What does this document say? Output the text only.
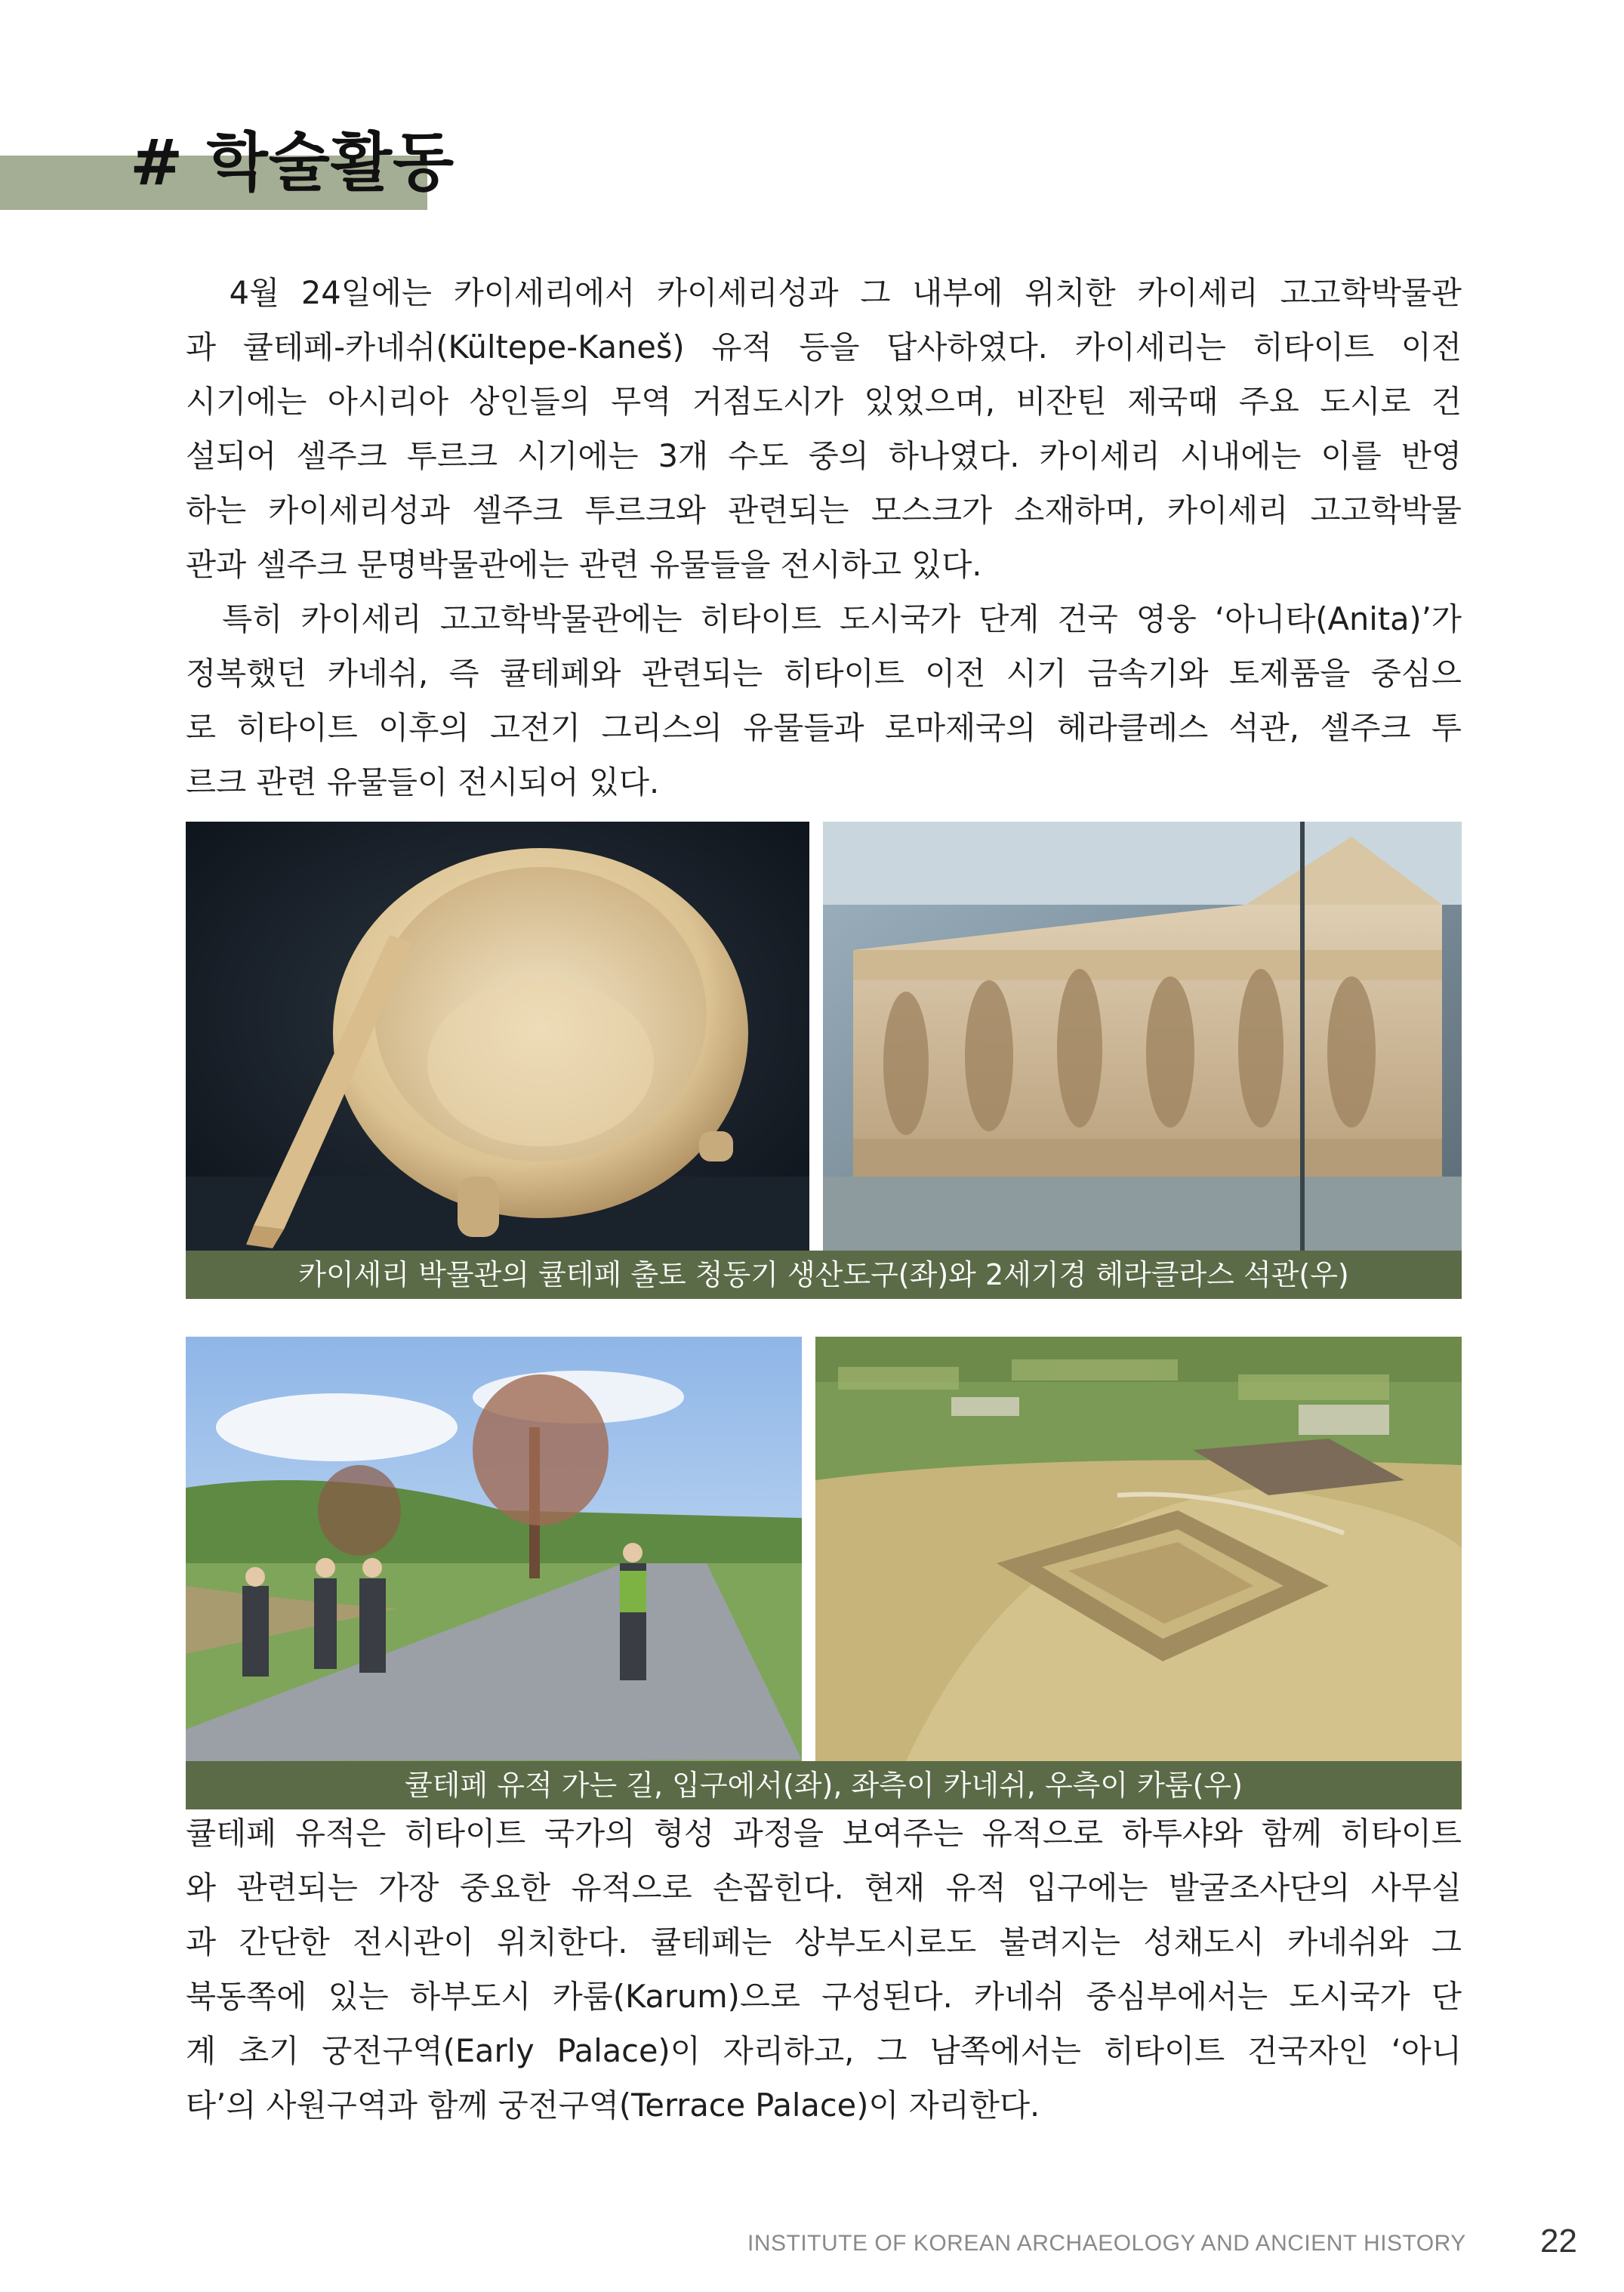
# 학술활동
4월 24일에는 카이세리에서 카이세리성과 그 내부에 위치한 카이세리 고고학박물관
과 큘테페-카네쉬(Kültepe-Kaneš) 유적 등을 답사하였다. 카이세리는 히타이트 이전
시기에는 아시리아 상인들의 무역 거점도시가 있었으며, 비잔틴 제국때 주요 도시로 건
설되어 셀주크 투르크 시기에는 3개 수도 중의 하나였다. 카이세리 시내에는 이를 반영
하는 카이세리성과 셀주크 투르크와 관련되는 모스크가 소재하며, 카이세리 고고학박물
관과 셀주크 문명박물관에는 관련 유물들을 전시하고 있다.
특히 카이세리 고고학박물관에는 히타이트 도시국가 단계 건국 영웅 ‘아니타(Anita)’가
정복했던 카네쉬, 즉 큘테페와 관련되는 히타이트 이전 시기 금속기와 토제품을 중심으
로 히타이트 이후의 고전기 그리스의 유물들과 로마제국의 헤라클레스 석관, 셀주크 투
르크 관련 유물들이 전시되어 있다.
카이세리 박물관의 큘테페 출토 청동기 생산도구(좌)와 2세기경 헤라클라스 석관(우)
큘테페 유적 가는 길, 입구에서(좌), 좌측이 카네쉬, 우측이 카룸(우)
큘테페 유적은 히타이트 국가의 형성 과정을 보여주는 유적으로 하투샤와 함께 히타이트
와 관련되는 가장 중요한 유적으로 손꼽힌다. 현재 유적 입구에는 발굴조사단의 사무실
과 간단한 전시관이 위치한다. 큘테페는 상부도시로도 불려지는 성채도시 카네쉬와 그
북동쪽에 있는 하부도시 카룸(Karum)으로 구성된다. 카네쉬 중심부에서는 도시국가 단
계 초기 궁전구역(Early Palace)이 자리하고, 그 남쪽에서는 히타이트 건국자인 ‘아니
타’의 사원구역과 함께 궁전구역(Terrace Palace)이 자리한다.
INSTITUTE OF KOREAN ARCHAEOLOGY AND ANCIENT HISTORY 22
